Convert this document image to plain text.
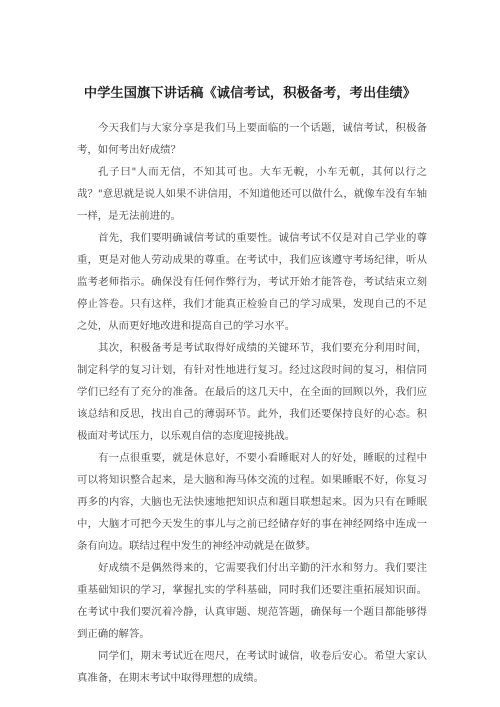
中学生国旗下讲话稿《诚信考试，积极备考，考出佳绩》

今天我们与大家分享是我们马上要面临的一个话题，诚信考试，积极备考，如何考出好成绩？

孔子曰"人而无信，不知其可也。大车无輗，小车无軏，其何以行之哉？"意思就是说人如果不讲信用，不知道他还可以做什么，就像车没有车轴一样，是无法前进的。

首先，我们要明确诚信考试的重要性。诚信考试不仅是对自己学业的尊重，更是对他人劳动成果的尊重。在考试中，我们应该遵守考场纪律，听从监考老师指示。确保没有任何作弊行为，考试开始才能答卷，考试结束立刻停止答卷。只有这样，我们才能真正检验自己的学习成果，发现自己的不足之处，从而更好地改进和提高自己的学习水平。

其次，积极备考是考试取得好成绩的关键环节，我们要充分利用时间，制定科学的复习计划，有针对性地进行复习。经过这段时间的复习，相信同学们已经有了充分的准备。在最后的这几天中，在全面的回顾以外，我们应该总结和反思，找出自己的薄弱环节。此外，我们还要保持良好的心态。积极面对考试压力，以乐观自信的态度迎接挑战。

有一点很重要，就是休息好，不要小看睡眠对人的好处，睡眠的过程中可以将知识整合起来，是大脑和海马体交流的过程。如果睡眠不好，你复习再多的内容，大脑也无法快速地把知识点和题目联想起来。因为只有在睡眠中，大脑才可把今天发生的事儿与之前已经储存好的事在神经网络中连成一条有向边。联结过程中发生的神经冲动就是在做梦。

好成绩不是偶然得来的，它需要我们付出辛勤的汗水和努力。我们要注重基础知识的学习，掌握扎实的学科基础，同时我们还要注重拓展知识面。在考试中我们要沉着冷静，认真审题、规范答题，确保每一个题目都能够得到正确的解答。

同学们，期末考试近在咫尺，在考试时诚信，收卷后安心。希望大家认真准备，在期末考试中取得理想的成绩。
